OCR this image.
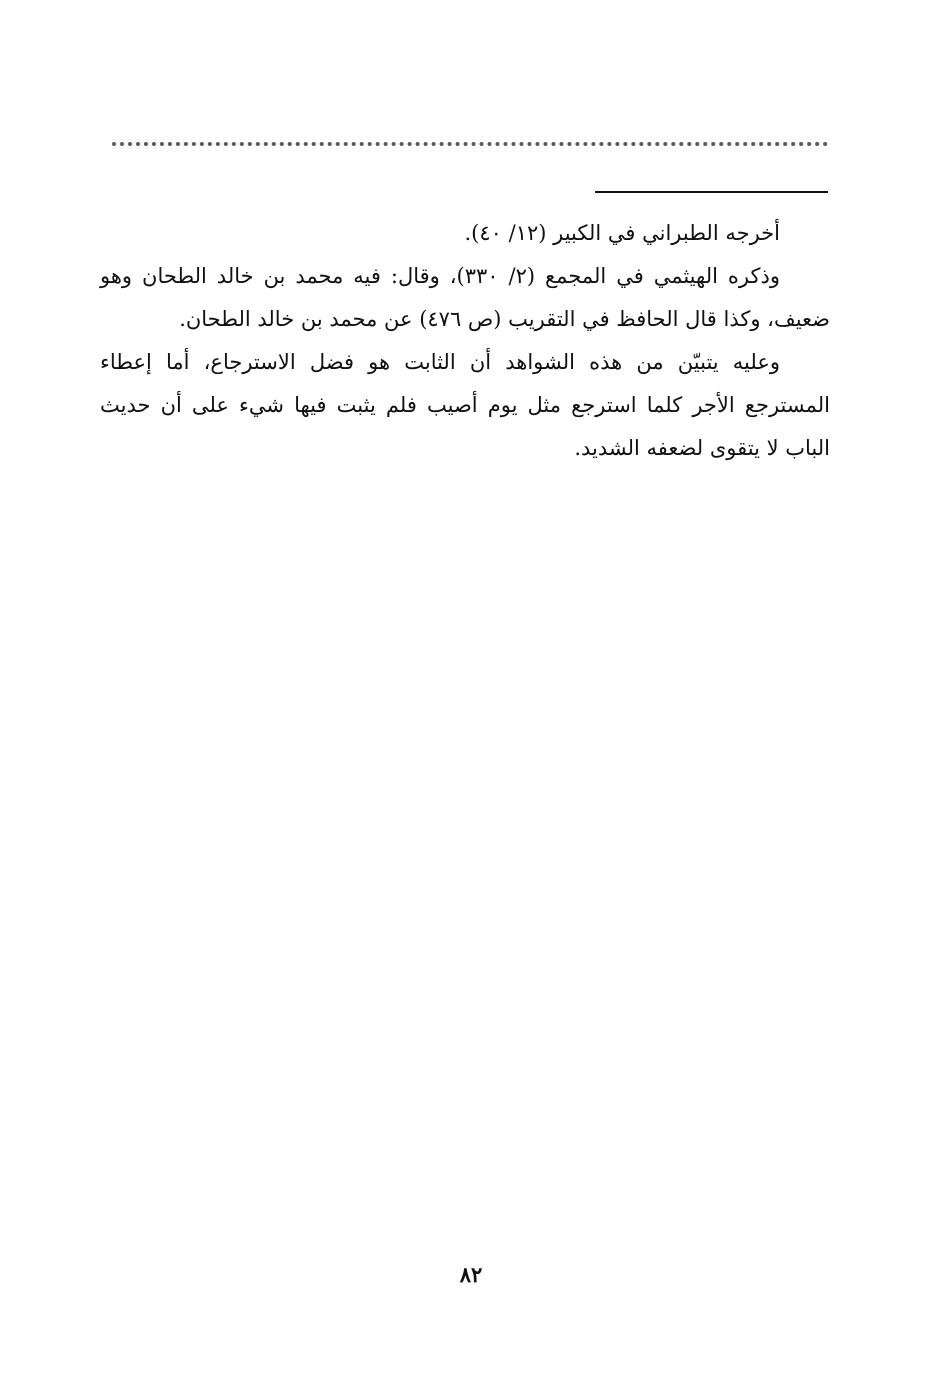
أخرجه الطبراني في الكبير (١٢/ ٤٠).

وذكره الهيثمي في المجمع (٢/ ٣٣٠)، وقال: فيه محمد بن خالد الطحان وهو ضعيف، وكذا قال الحافظ في التقريب (ص ٤٧٦) عن محمد بن خالد الطحان.

وعليه يتبيّن من هذه الشواهد أن الثابت هو فضل الاسترجاع، أما إعطاء المسترجع الأجر كلما استرجع مثل يوم أصيب فلم يثبت فيها شيء على أن حديث الباب لا يتقوى لضعفه الشديد.

٨٢
